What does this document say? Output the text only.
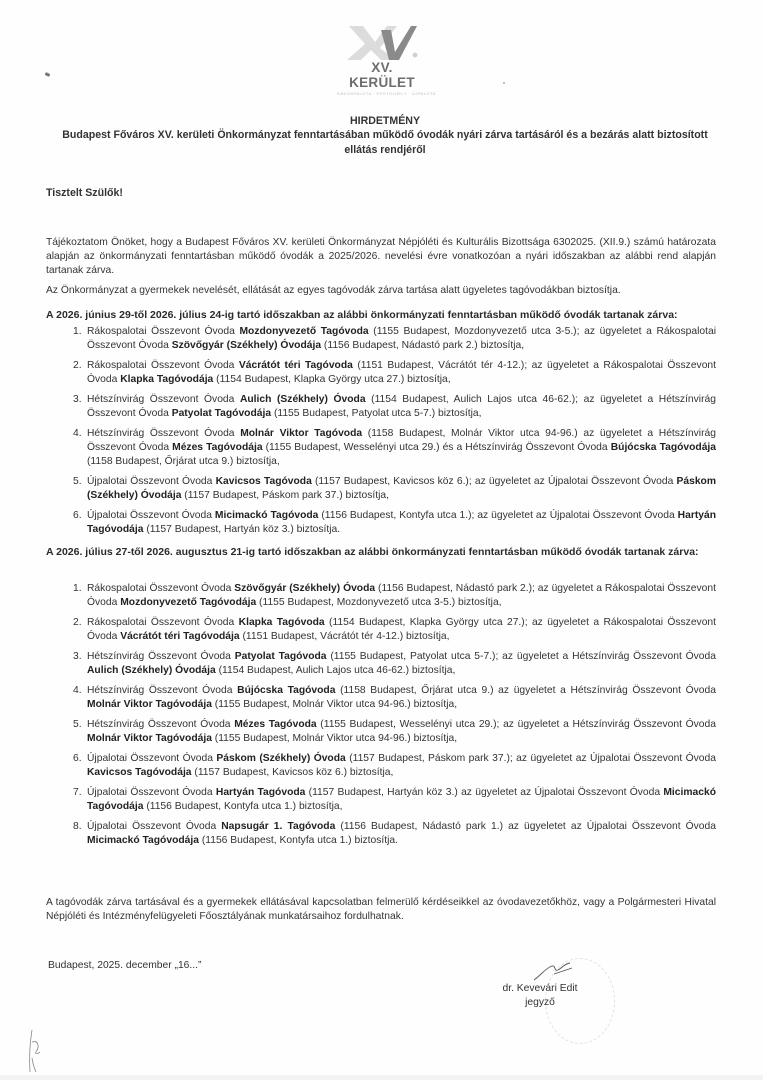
XV. KERÜLET
RÁKOSPALOTA · PESTÚJHELY · ÚJPALOTA
HIRDETMÉNY
Budapest Főváros XV. kerületi Önkormányzat fenntartásában működő óvodák nyári zárva tartásáról és a bezárás alatt biztosított ellátás rendjéről
Tisztelt Szülők!
Tájékoztatom Önöket, hogy a Budapest Főváros XV. kerületi Önkormányzat Népjóléti és Kulturális Bizottsága 6302025. (XII.9.) számú határozata alapján az önkormányzati fenntartásban működő óvodák a 2025/2026. nevelési évre vonatkozóan a nyári időszakban az alábbi rend alapján tartanak zárva.
Az Önkormányzat a gyermekek nevelését, ellátását az egyes tagóvodák zárva tartása alatt ügyeletes tagóvodákban biztosítja.
A 2026. június 29-től 2026. július 24-ig tartó időszakban az alábbi önkormányzati fenntartásban működő óvodák tartanak zárva:
1. Rákospalotai Összevont Óvoda Mozdonyvezető Tagóvoda (1155 Budapest, Mozdonyvezető utca 3-5.); az ügyeletet a Rákospalotai Összevont Óvoda Szövőgyár (Székhely) Óvodája (1156 Budapest, Nádastó park 2.) biztosítja,
2. Rákospalotai Összevont Óvoda Vácrátót téri Tagóvoda (1151 Budapest, Vácrátót tér 4-12.); az ügyeletet a Rákospalotai Összevont Óvoda Klapka Tagóvodája (1154 Budapest, Klapka György utca 27.) biztosítja,
3. Hétszínvirág Összevont Óvoda Aulich (Székhely) Óvoda (1154 Budapest, Aulich Lajos utca 46-62.); az ügyeletet a Hétszínvirág Összevont Óvoda Patyolat Tagóvodája (1155 Budapest, Patyolat utca 5-7.) biztosítja,
4. Hétszínvirág Összevont Óvoda Molnár Viktor Tagóvoda (1158 Budapest, Molnár Viktor utca 94-96.) az ügyeletet a Hétszínvirág Összevont Óvoda Mézes Tagóvodája (1155 Budapest, Wesselényi utca 29.) és a Hétszínvirág Összevont Óvoda Bújócska Tagóvodája (1158 Budapest, Őrjárat utca 9.) biztosítja,
5. Újpalotai Összevont Óvoda Kavicsos Tagóvoda (1157 Budapest, Kavicsos köz 6.); az ügyeletet az Újpalotai Összevont Óvoda Páskom (Székhely) Óvodája (1157 Budapest, Páskom park 37.) biztosítja,
6. Újpalotai Összevont Óvoda Micimackó Tagóvoda (1156 Budapest, Kontyfa utca 1.); az ügyeletet az Újpalotai Összevont Óvoda Hartyán Tagóvodája (1157 Budapest, Hartyán köz 3.) biztosítja.
A 2026. július 27-től 2026. augusztus 21-ig tartó időszakban az alábbi önkormányzati fenntartásban működő óvodák tartanak zárva:
1. Rákospalotai Összevont Óvoda Szövőgyár (Székhely) Óvoda (1156 Budapest, Nádastó park 2.); az ügyeletet a Rákospalotai Összevont Óvoda Mozdonyvezető Tagóvodája (1155 Budapest, Mozdonyvezető utca 3-5.) biztosítja,
2. Rákospalotai Összevont Óvoda Klapka Tagóvoda (1154 Budapest, Klapka György utca 27.); az ügyeletet a Rákospalotai Összevont Óvoda Vácrátót téri Tagóvodája (1151 Budapest, Vácrátót tér 4-12.) biztosítja,
3. Hétszínvirág Összevont Óvoda Patyolat Tagóvoda (1155 Budapest, Patyolat utca 5-7.); az ügyeletet a Hétszínvirág Összevont Óvoda Aulich (Székhely) Óvodája (1154 Budapest, Aulich Lajos utca 46-62.) biztosítja,
4. Hétszínvirág Összevont Óvoda Bújócska Tagóvoda (1158 Budapest, Őrjárat utca 9.) az ügyeletet a Hétszínvirág Összevont Óvoda Molnár Viktor Tagóvodája (1155 Budapest, Molnár Viktor utca 94-96.) biztosítja,
5. Hétszínvirág Összevont Óvoda Mézes Tagóvoda (1155 Budapest, Wesselényi utca 29.); az ügyeletet a Hétszínvirág Összevont Óvoda Molnár Viktor Tagóvodája (1155 Budapest, Molnár Viktor utca 94-96.) biztosítja,
6. Újpalotai Összevont Óvoda Páskom (Székhely) Óvoda (1157 Budapest, Páskom park 37.); az ügyeletet az Újpalotai Összevont Óvoda Kavicsos Tagóvodája (1157 Budapest, Kavicsos köz 6.) biztosítja,
7. Újpalotai Összevont Óvoda Hartyán Tagóvoda (1157 Budapest, Hartyán köz 3.) az ügyeletet az Újpalotai Összevont Óvoda Micimackó Tagóvodája (1156 Budapest, Kontyfa utca 1.) biztosítja,
8. Újpalotai Összevont Óvoda Napsugár 1. Tagóvoda (1156 Budapest, Nádastó park 1.) az ügyeletet az Újpalotai Összevont Óvoda Micimackó Tagóvodája (1156 Budapest, Kontyfa utca 1.) biztosítja.
A tagóvodák zárva tartásával és a gyermekek ellátásával kapcsolatban felmerülő kérdéseikkel az óvodavezetőkhöz, vagy a Polgármesteri Hivatal Népjóléti és Intézményfelügyeleti Főosztályának munkatársaihoz fordulhatnak.
Budapest, 2025. december „16...”
dr. Kevevári Edit
jegyző
